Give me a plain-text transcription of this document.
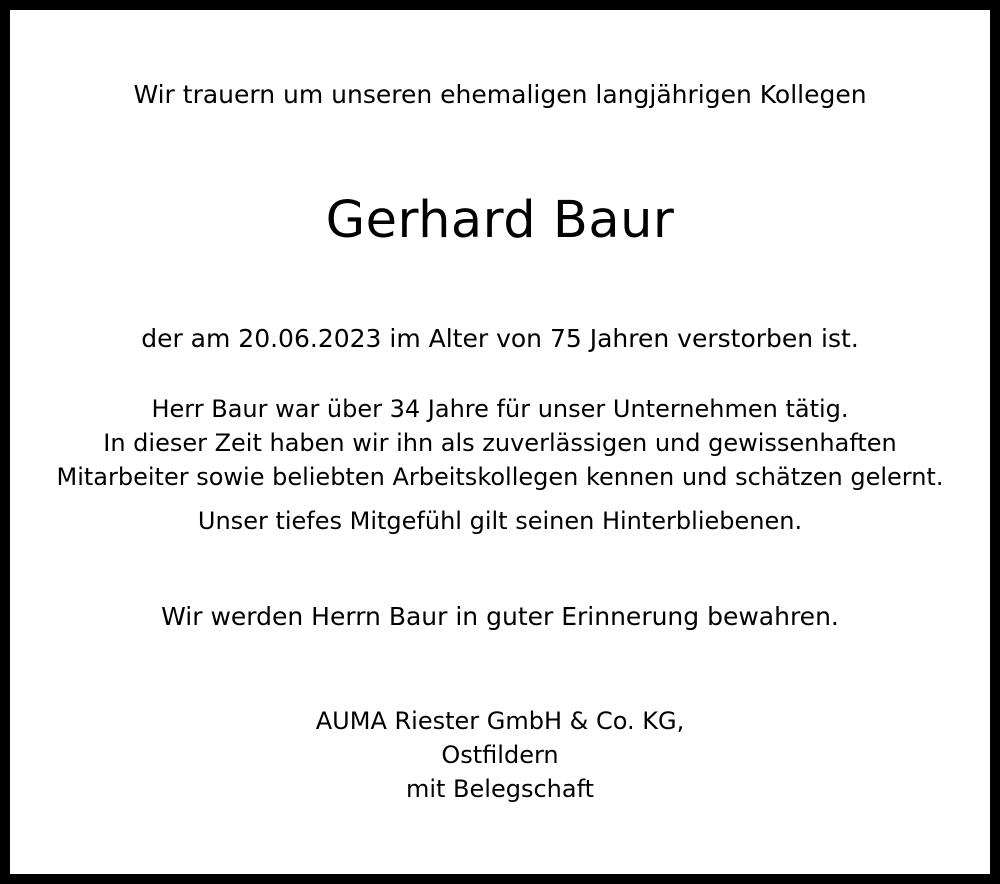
Wir trauern um unseren ehemaligen langjährigen Kollegen
Gerhard Baur
der am 20.06.2023 im Alter von 75 Jahren verstorben ist.
Herr Baur war über 34 Jahre für unser Unternehmen tätig.
In dieser Zeit haben wir ihn als zuverlässigen und gewissenhaften
Mitarbeiter sowie beliebten Arbeitskollegen kennen und schätzen gelernt.
Unser tiefes Mitgefühl gilt seinen Hinterbliebenen.
Wir werden Herrn Baur in guter Erinnerung bewahren.
AUMA Riester GmbH & Co. KG,
Ostfildern
mit Belegschaft
